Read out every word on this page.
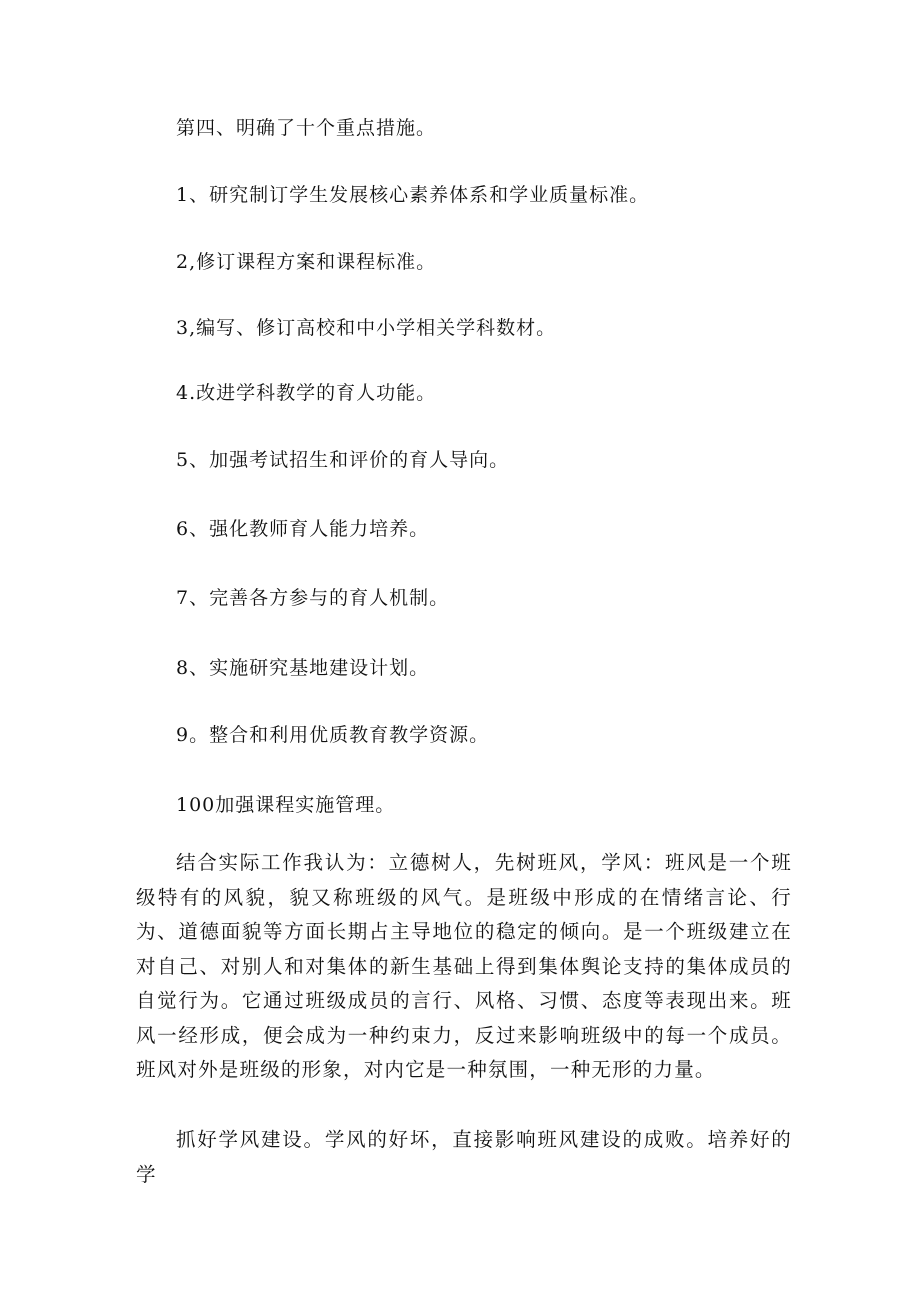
第四、明确了十个重点措施。
1、研究制订学生发展核心素养体系和学业质量标准。
2,修订课程方案和课程标准。
3,编写、修订高校和中小学相关学科数材。
4.改进学科教学的育人功能。
5、加强考试招生和评价的育人导向。
6、强化教师育人能力培养。
7、完善各方参与的育人机制。
8、实施研究基地建设计划。
9。整合和利用优质教育教学资源。
100加强课程实施管理。

结合实际工作我认为：立德树人，先树班风，学风：班风是一个班级特有的风貌，貌又称班级的风气。是班级中形成的在情绪言论、行为、道德面貌等方面长期占主导地位的稳定的倾向。是一个班级建立在对自己、对别人和对集体的新生基础上得到集体舆论支持的集体成员的自觉行为。它通过班级成员的言行、风格、习惯、态度等表现出来。班风一经形成，便会成为一种约束力，反过来影响班级中的每一个成员。班风对外是班级的形象，对内它是一种氛围，一种无形的力量。

抓好学风建设。学风的好坏，直接影响班风建设的成败。培养好的学
